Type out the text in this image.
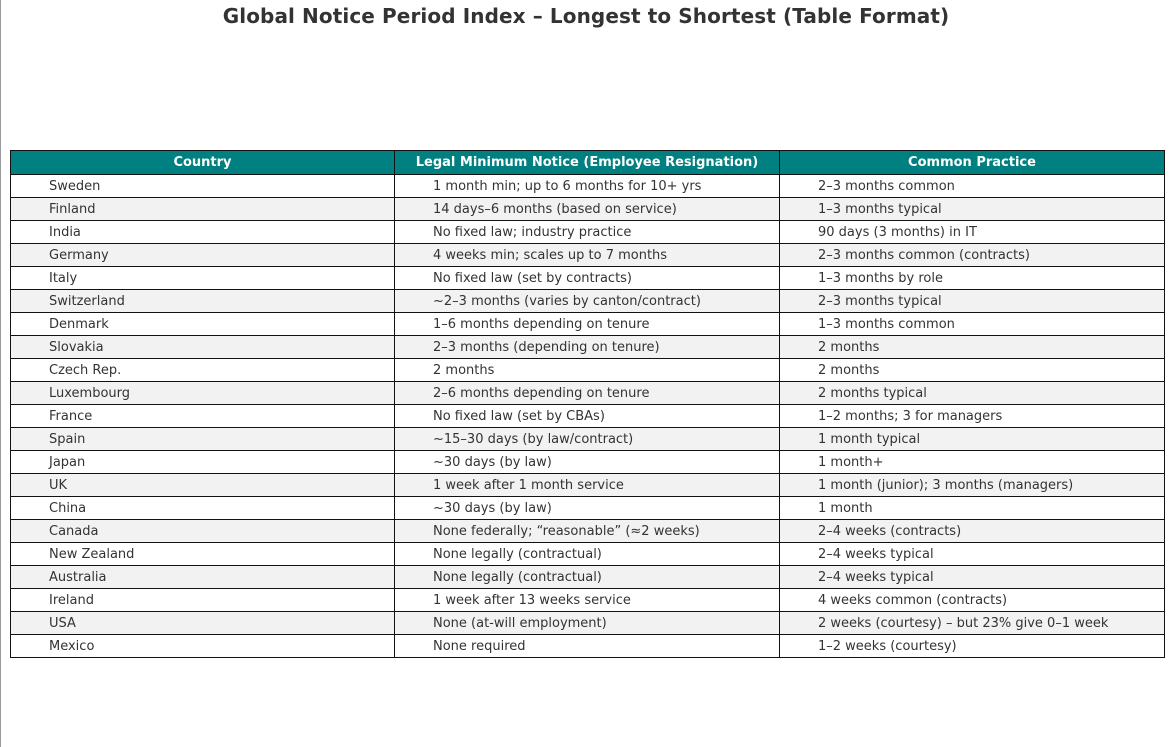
Global Notice Period Index – Longest to Shortest (Table Format)
Country	Legal Minimum Notice (Employee Resignation)	Common Practice
Sweden	1 month min; up to 6 months for 10+ yrs	2–3 months common
Finland	14 days–6 months (based on service)	1–3 months typical
India	No fixed law; industry practice	90 days (3 months) in IT
Germany	4 weeks min; scales up to 7 months	2–3 months common (contracts)
Italy	No fixed law (set by contracts)	1–3 months by role
Switzerland	~2–3 months (varies by canton/contract)	2–3 months typical
Denmark	1–6 months depending on tenure	1–3 months common
Slovakia	2–3 months (depending on tenure)	2 months
Czech Rep.	2 months	2 months
Luxembourg	2–6 months depending on tenure	2 months typical
France	No fixed law (set by CBAs)	1–2 months; 3 for managers
Spain	~15–30 days (by law/contract)	1 month typical
Japan	~30 days (by law)	1 month+
UK	1 week after 1 month service	1 month (junior); 3 months (managers)
China	~30 days (by law)	1 month
Canada	None federally; “reasonable” (≈2 weeks)	2–4 weeks (contracts)
New Zealand	None legally (contractual)	2–4 weeks typical
Australia	None legally (contractual)	2–4 weeks typical
Ireland	1 week after 13 weeks service	4 weeks common (contracts)
USA	None (at-will employment)	2 weeks (courtesy) – but 23% give 0–1 week
Mexico	None required	1–2 weeks (courtesy)
